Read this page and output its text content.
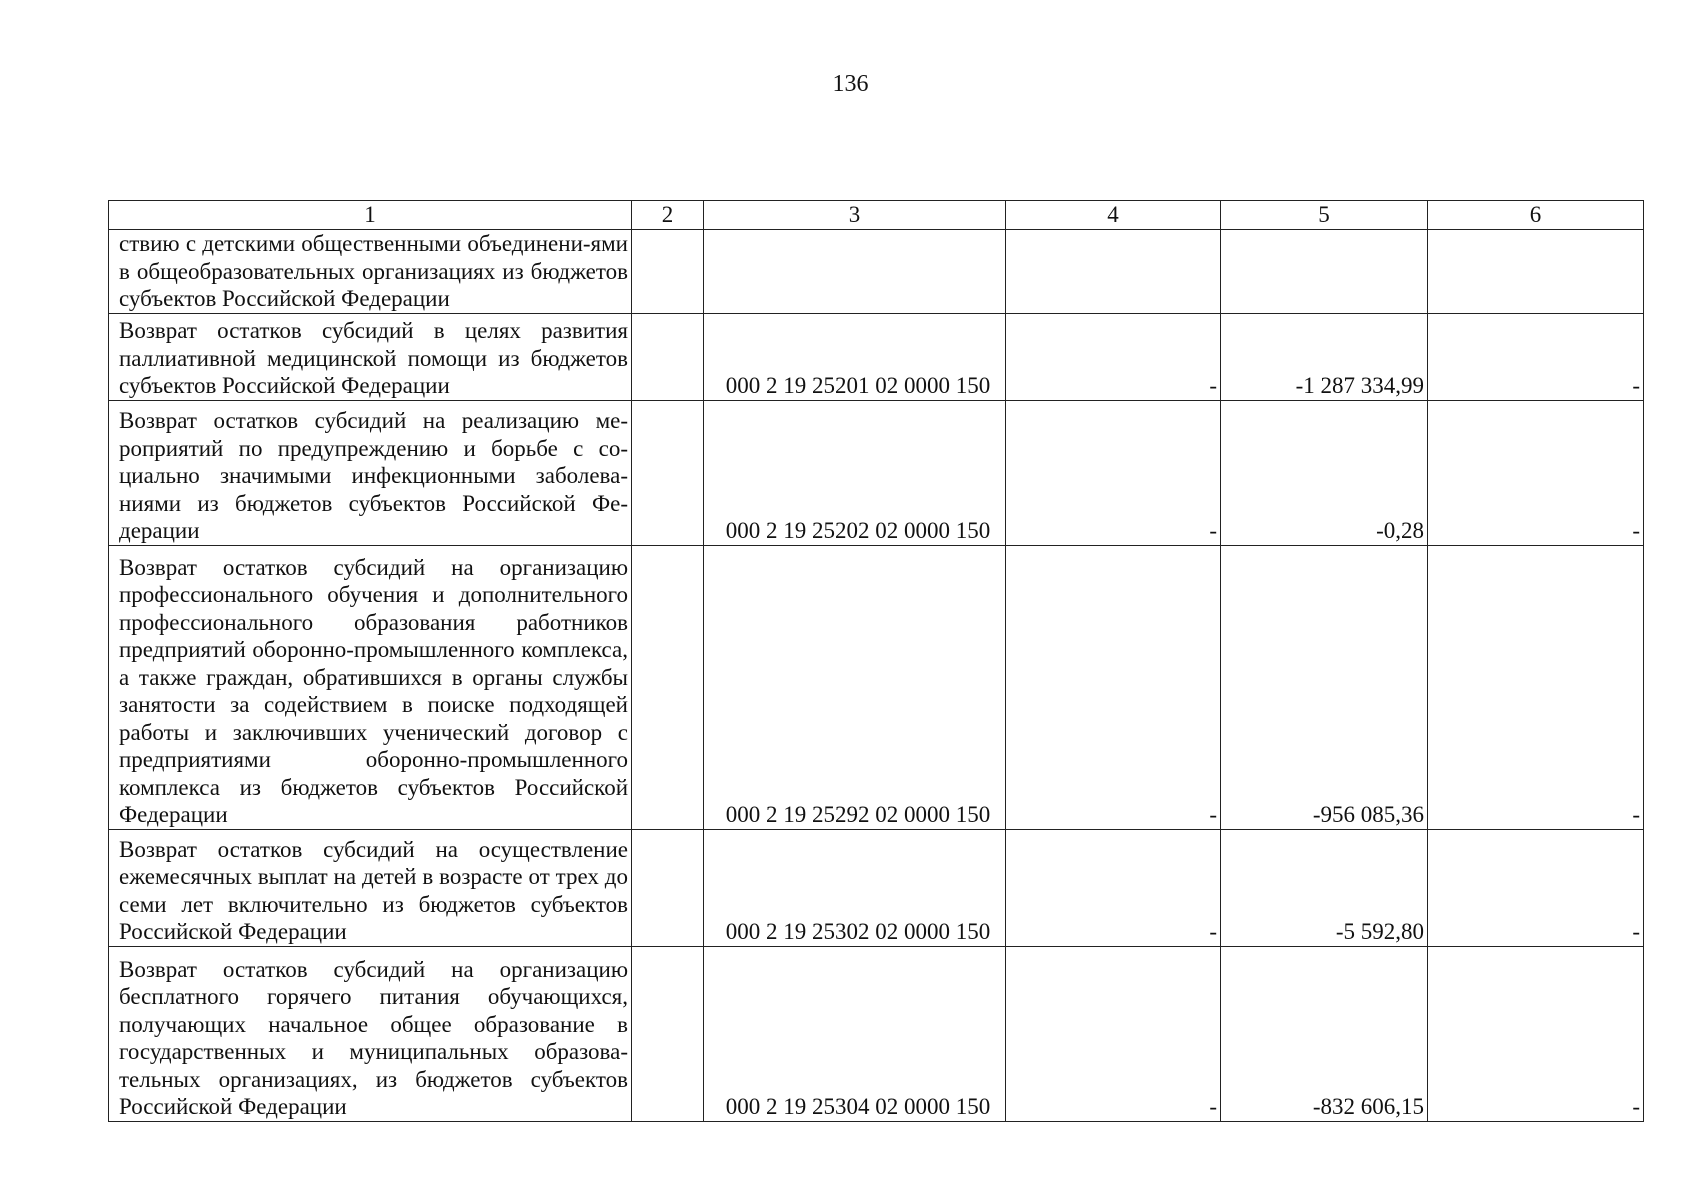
136
1	2	3	4	5	6
ствию с детскими общественными объединени-ями в общеобразовательных организациях из бюджетов субъектов Российской Федерации					
Возврат остатков субсидий в целях развития паллиативной медицинской помощи из бюджетов субъектов Российской Федерации		000 2 19 25201 02 0000 150	-	-1 287 334,99	-
Возврат остатков субсидий на реализацию мероприятий по предупреждению и борьбе с социально значимыми инфекционными заболеваниями из бюджетов субъектов Российской Федерации		000 2 19 25202 02 0000 150	-	-0,28	-
Возврат остатков субсидий на организацию профессионального обучения и дополнительного профессионального образования работников предприятий оборонно-промышленного комплекса, а также граждан, обратившихся в органы службы занятости за содействием в поиске подходящей работы и заключивших ученический договор с предприятиями оборонно-промышленного комплекса из бюджетов субъектов Российской Федерации		000 2 19 25292 02 0000 150	-	-956 085,36	-
Возврат остатков субсидий на осуществление ежемесячных выплат на детей в возрасте от трех до семи лет включительно из бюджетов субъектов Российской Федерации		000 2 19 25302 02 0000 150	-	-5 592,80	-
Возврат остатков субсидий на организацию бесплатного горячего питания обучающихся, получающих начальное общее образование в государственных и муниципальных образовательных организациях, из бюджетов субъектов Российской Федерации		000 2 19 25304 02 0000 150	-	-832 606,15	-
